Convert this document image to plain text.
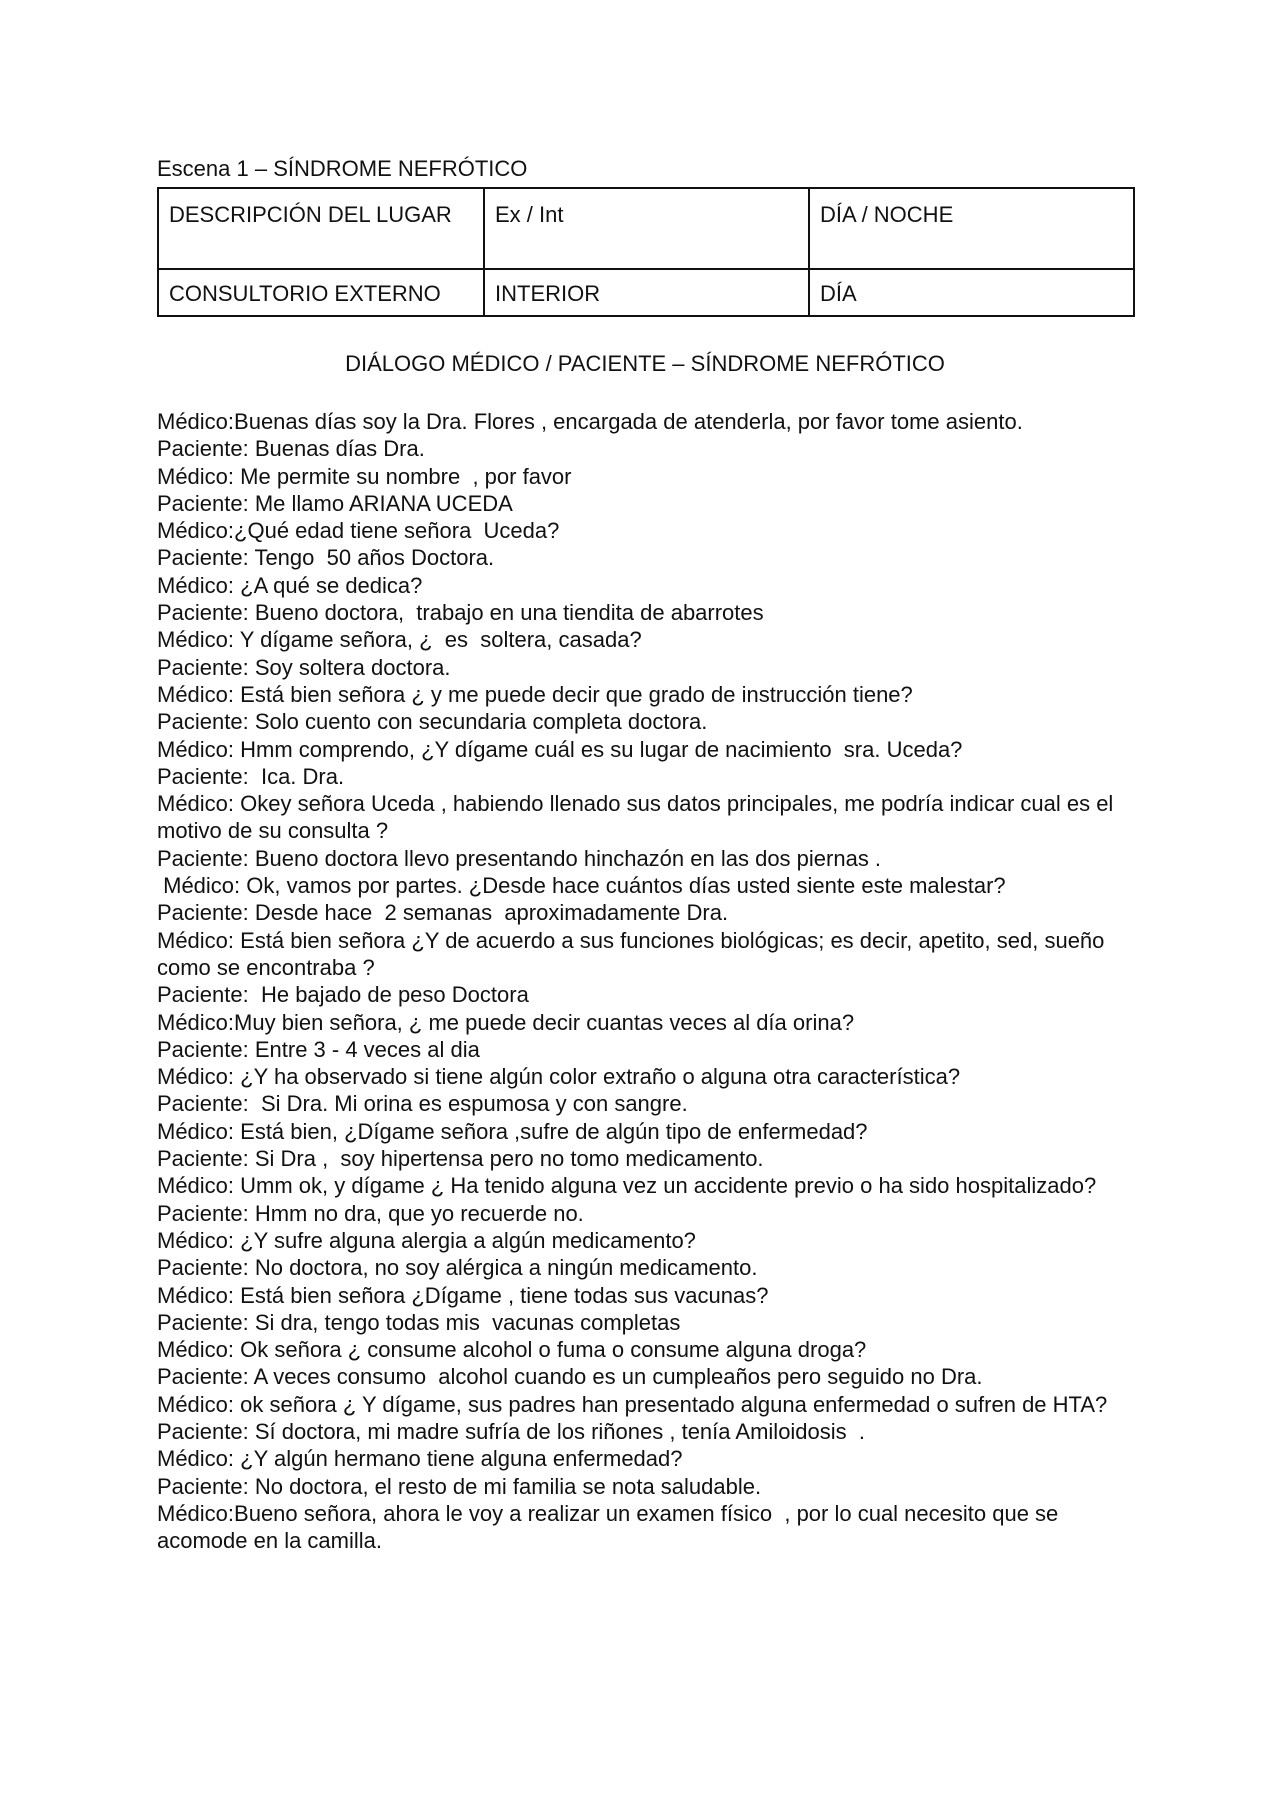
Escena 1 – SÍNDROME NEFRÓTICO
DESCRIPCIÓN DEL LUGAR	Ex / Int	DÍA / NOCHE
CONSULTORIO EXTERNO	INTERIOR	DÍA
DIÁLOGO MÉDICO / PACIENTE – SÍNDROME NEFRÓTICO

Médico:Buenas días soy la Dra. Flores , encargada de atenderla, por favor tome asiento.

Paciente: Buenas días Dra.

Médico: Me permite su nombre  , por favor

Paciente: Me llamo ARIANA UCEDA

Médico:¿Qué edad tiene señora  Uceda?

Paciente: Tengo  50 años Doctora.

Médico: ¿A qué se dedica?

Paciente: Bueno doctora,  trabajo en una tiendita de abarrotes

Médico: Y dígame señora, ¿  es  soltera, casada?

Paciente: Soy soltera doctora.

Médico: Está bien señora ¿ y me puede decir que grado de instrucción tiene?

Paciente: Solo cuento con secundaria completa doctora.

Médico: Hmm comprendo, ¿Y dígame cuál es su lugar de nacimiento  sra. Uceda?

Paciente:  Ica. Dra.

Médico: Okey señora Uceda , habiendo llenado sus datos principales, me podría indicar cual es el motivo de su consulta ?

Paciente: Bueno doctora llevo presentando hinchazón en las dos piernas .

Médico: Ok, vamos por partes. ¿Desde hace cuántos días usted siente este malestar?

Paciente: Desde hace  2 semanas  aproximadamente Dra.

Médico: Está bien señora ¿Y de acuerdo a sus funciones biológicas; es decir, apetito, sed, sueño como se encontraba ?

Paciente:  He bajado de peso Doctora

Médico:Muy bien señora, ¿ me puede decir cuantas veces al día orina?

Paciente: Entre 3 - 4 veces al dia

Médico: ¿Y ha observado si tiene algún color extraño o alguna otra característica?

Paciente:  Si Dra. Mi orina es espumosa y con sangre.

Médico: Está bien, ¿Dígame señora ,sufre de algún tipo de enfermedad?

Paciente: Si Dra ,  soy hipertensa pero no tomo medicamento.

Médico: Umm ok, y dígame ¿ Ha tenido alguna vez un accidente previo o ha sido hospitalizado?

Paciente: Hmm no dra, que yo recuerde no.

Médico: ¿Y sufre alguna alergia a algún medicamento?

Paciente: No doctora, no soy alérgica a ningún medicamento.

Médico: Está bien señora ¿Dígame , tiene todas sus vacunas?

Paciente: Si dra, tengo todas mis  vacunas completas

Médico: Ok señora ¿ consume alcohol o fuma o consume alguna droga?

Paciente: A veces consumo  alcohol cuando es un cumpleaños pero seguido no Dra.

Médico: ok señora ¿ Y dígame, sus padres han presentado alguna enfermedad o sufren de HTA?

Paciente: Sí doctora, mi madre sufría de los riñones , tenía Amiloidosis  .

Médico: ¿Y algún hermano tiene alguna enfermedad?

Paciente: No doctora, el resto de mi familia se nota saludable.

Médico:Bueno señora, ahora le voy a realizar un examen físico  , por lo cual necesito que se acomode en la camilla.
